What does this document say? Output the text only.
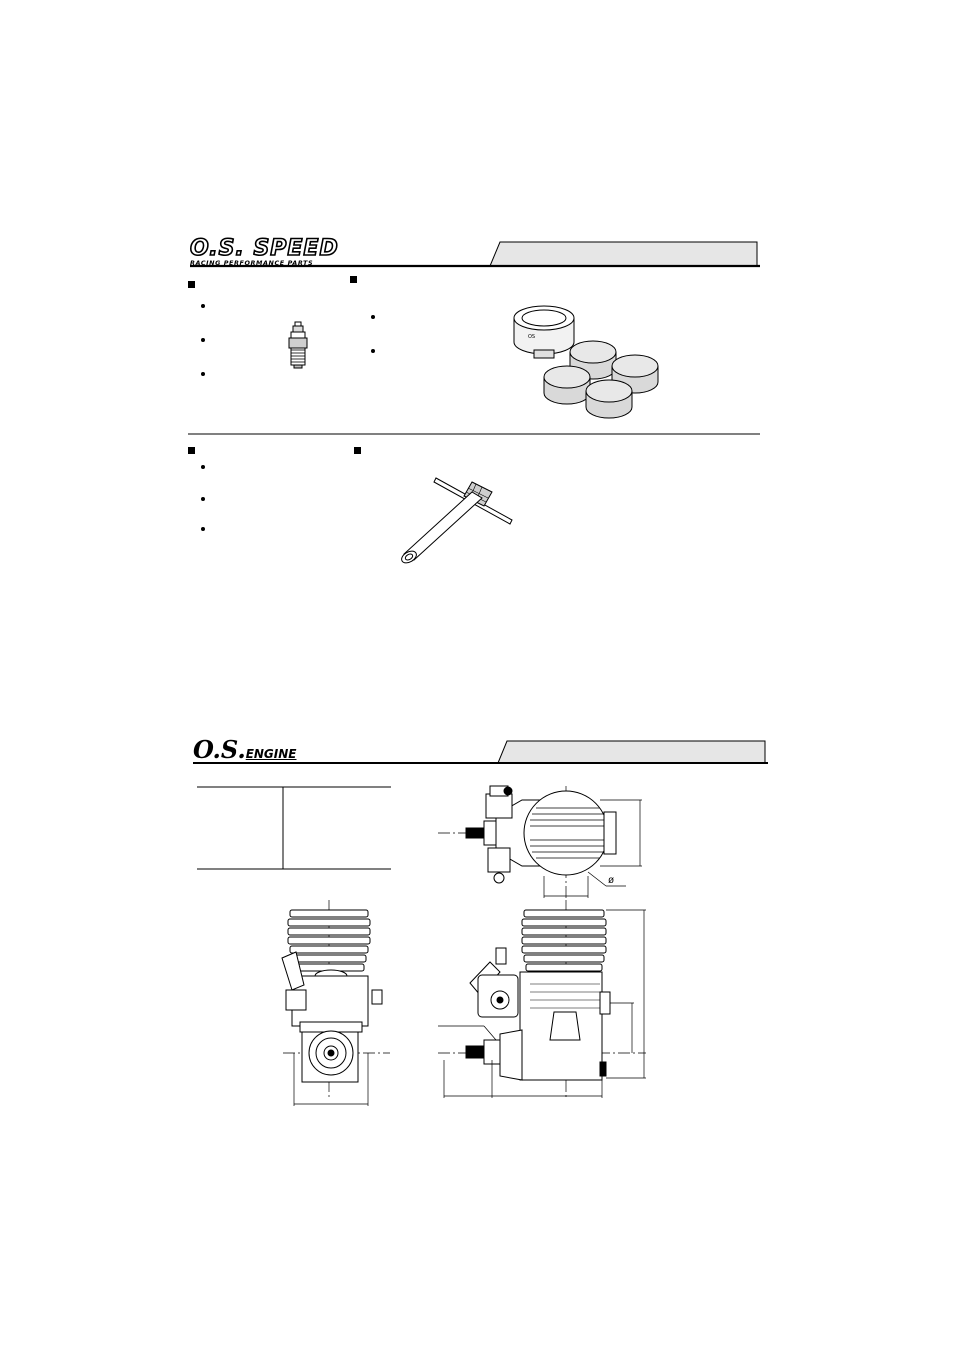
O.S. SPEED
RACING PERFORMANCE PARTS
OS
O.S.ENGINE
ø
